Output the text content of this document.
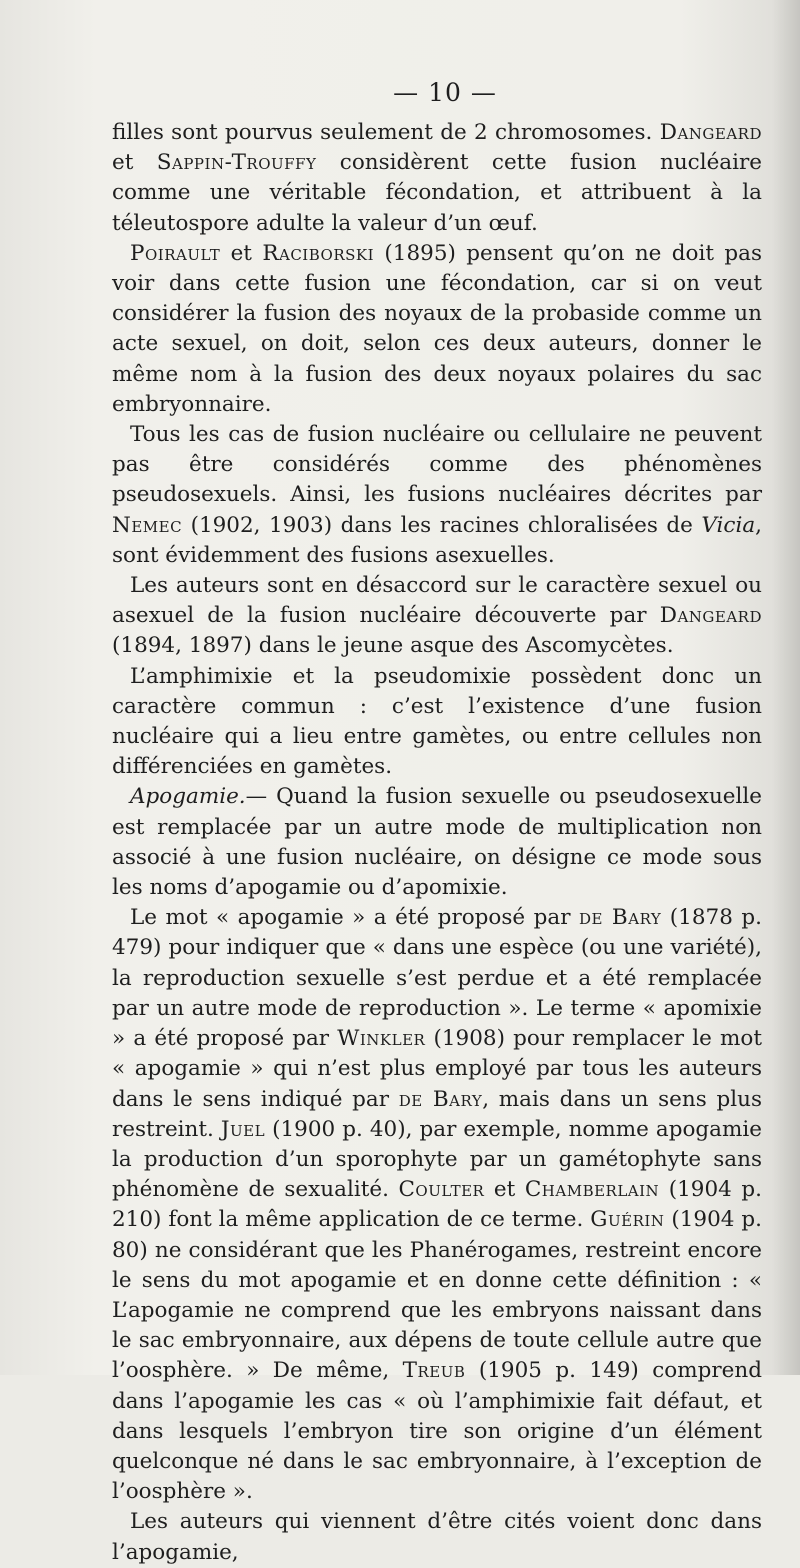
— 10 —

filles sont pourvus seulement de 2 chromosomes. Dangeard et Sappin-Trouffy considèrent cette fusion nucléaire comme une véritable fécondation, et attribuent à la téleutospore adulte la valeur d’un œuf.

Poirault et Raciborski (1895) pensent qu’on ne doit pas voir dans cette fusion une fécondation, car si on veut considérer la fusion des noyaux de la probaside comme un acte sexuel, on doit, selon ces deux auteurs, donner le même nom à la fusion des deux noyaux polaires du sac embryonnaire.

Tous les cas de fusion nucléaire ou cellulaire ne peuvent pas être considérés comme des phénomènes pseudosexuels. Ainsi, les fusions nucléaires décrites par Nemec (1902, 1903) dans les racines chloralisées de Vicia, sont évidemment des fusions asexuelles.

Les auteurs sont en désaccord sur le caractère sexuel ou asexuel de la fusion nucléaire découverte par Dangeard (1894, 1897) dans le jeune asque des Ascomycètes.

L’amphimixie et la pseudomixie possèdent donc un caractère commun : c’est l’existence d’une fusion nucléaire qui a lieu entre gamètes, ou entre cellules non différenciées en gamètes.

Apogamie.— Quand la fusion sexuelle ou pseudosexuelle est remplacée par un autre mode de multiplication non associé à une fusion nucléaire, on désigne ce mode sous les noms d’apogamie ou d’apomixie.

Le mot « apogamie » a été proposé par de Bary (1878 p. 479) pour indiquer que « dans une espèce (ou une variété), la reproduction sexuelle s’est perdue et a été remplacée par un autre mode de reproduction ». Le terme « apomixie » a été proposé par Winkler (1908) pour remplacer le mot « apogamie » qui n’est plus employé par tous les auteurs dans le sens indiqué par de Bary, mais dans un sens plus restreint. Juel (1900 p. 40), par exemple, nomme apogamie la production d’un sporophyte par un gamétophyte sans phénomène de sexualité. Coulter et Chamberlain (1904 p. 210) font la même application de ce terme. Guérin (1904 p. 80) ne considérant que les Phanérogames, restreint encore le sens du mot apogamie et en donne cette définition : « L’apogamie ne comprend que les embryons naissant dans le sac embryonnaire, aux dépens de toute cellule autre que l’oosphère. » De même, Treub (1905 p. 149) comprend dans l’apogamie les cas « où l’amphimixie fait défaut, et dans lesquels l’embryon tire son origine d’un élément quelconque né dans le sac embryonnaire, à l’exception de l’oosphère ».

Les auteurs qui viennent d’être cités voient donc dans l’apogamie,
